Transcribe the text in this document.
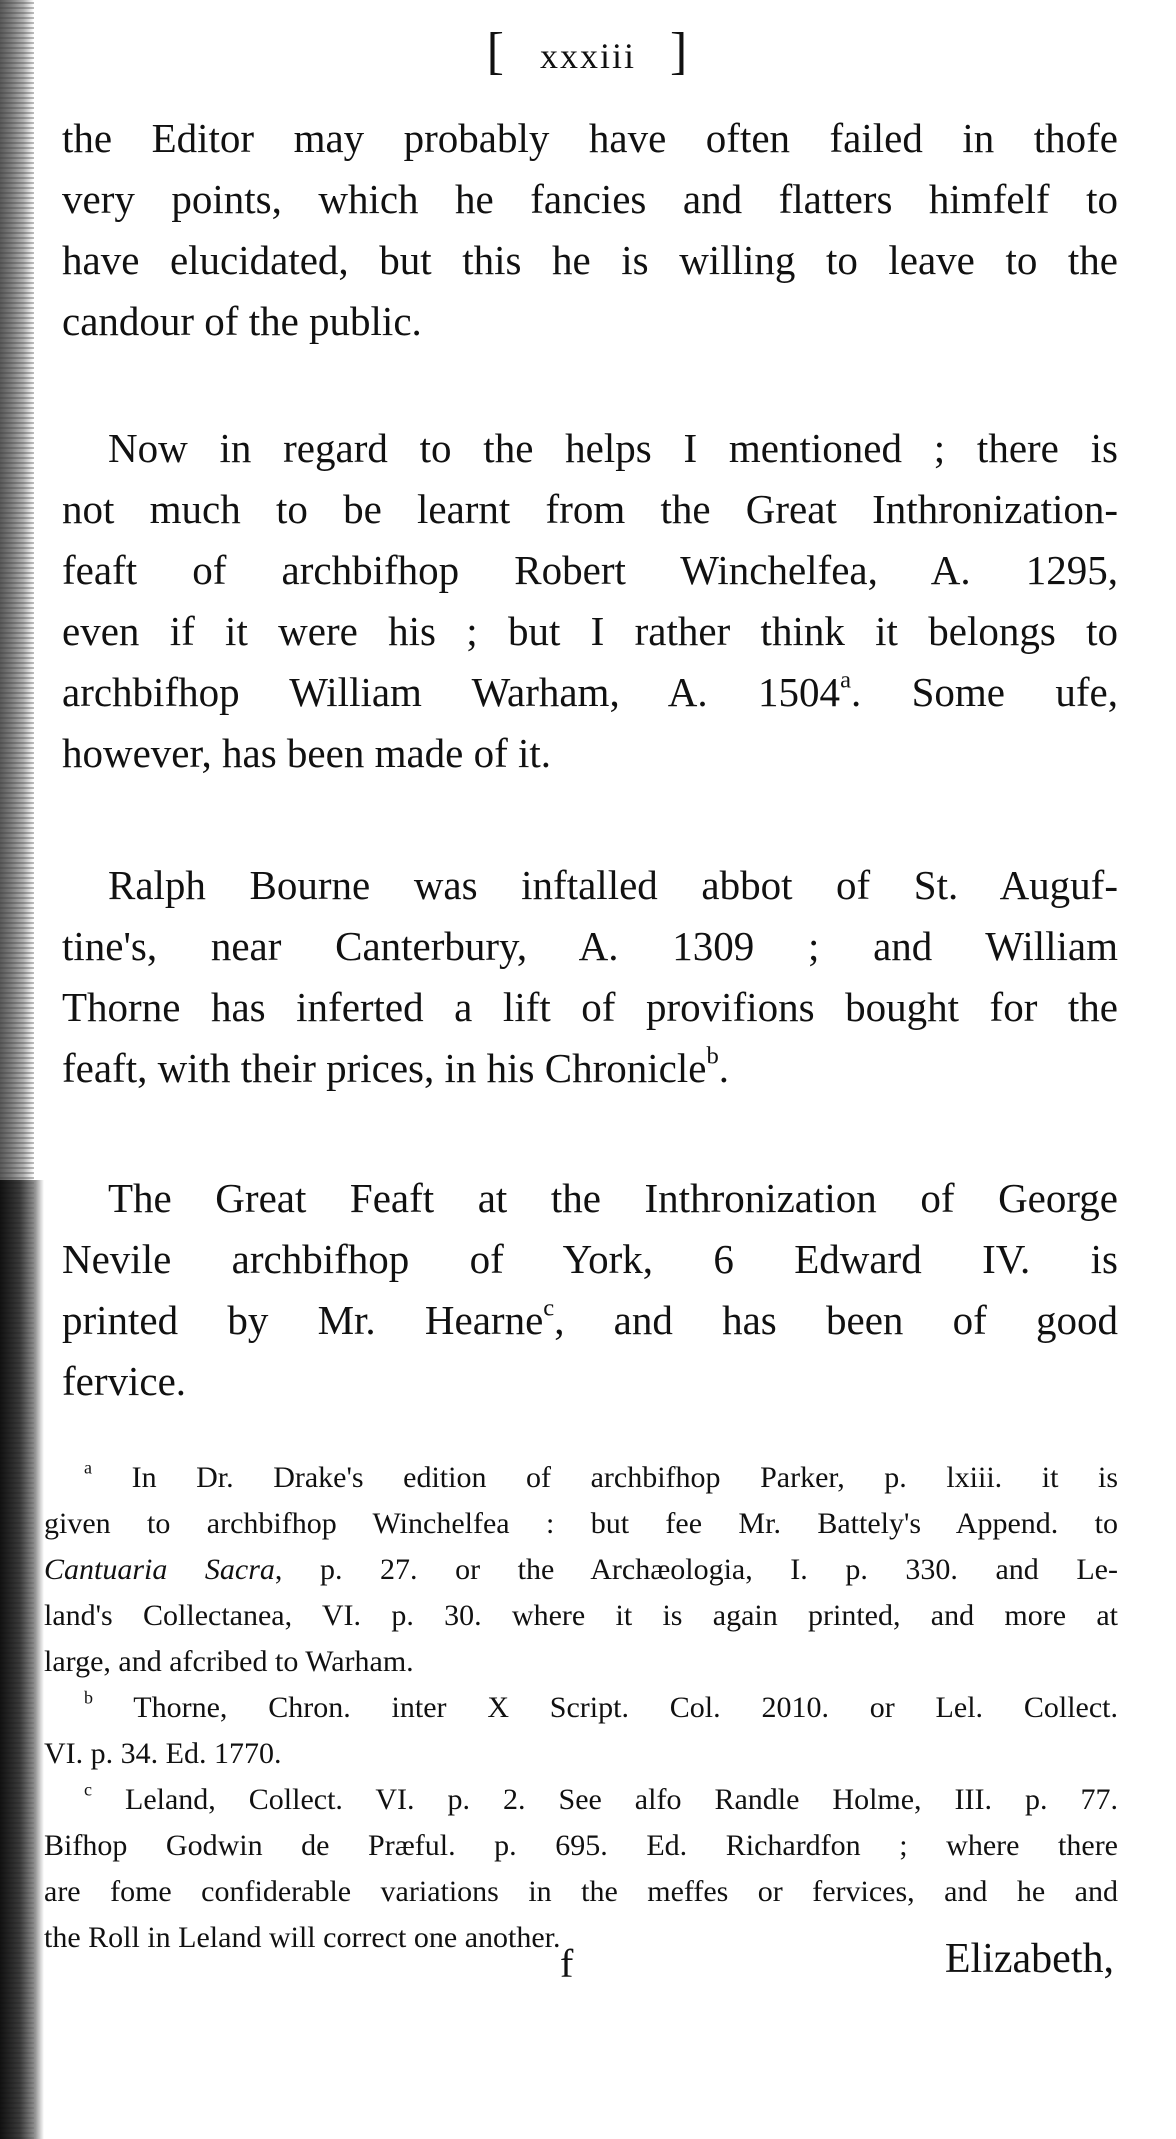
[ xxxiii ]
the Editor may probably have often failed in thofe
very points, which he fancies and flatters himfelf to
have elucidated, but this he is willing to leave to the
candour of the public.
Now in regard to the helps I mentioned ; there is
not much to be learnt from the Great Inthronization-
feaft of archbifhop Robert Winchelfea, A. 1295,
even if it were his ; but I rather think it belongs to
archbifhop William Warham, A. 1504$^a$. Some ufe,
however, has been made of it.
Ralph Bourne was inftalled abbot of St. Auguf-
tine's, near Canterbury, A. 1309 ; and William
Thorne has inferted a lift of provifions bought for the
feaft, with their prices, in his Chronicle$^b$.
The Great Feaft at the Inthronization of George
Nevile archbifhop of York, 6 Edward IV. is
printed by Mr. Hearne$^c$, and has been of good
fervice.
$^a$ In Dr. Drake's edition of archbifhop Parker, p. lxiii. it is
given to archbifhop Winchelfea : but fee Mr. Battely's Append. to
Cantuaria Sacra, p. 27. or the Archæologia, I. p. 330. and Le-
land's Collectanea, VI. p. 30. where it is again printed, and more at
large, and afcribed to Warham.
$^b$ Thorne, Chron. inter X Script. Col. 2010. or Lel. Collect.
VI. p. 34. Ed. 1770.
$^c$ Leland, Collect. VI. p. 2. See alfo Randle Holme, III. p. 77.
Bifhop Godwin de Præful. p. 695. Ed. Richardfon ; where there
are fome confiderable variations in the meffes or fervices, and he and
the Roll in Leland will correct one another.
f	Elizabeth,
